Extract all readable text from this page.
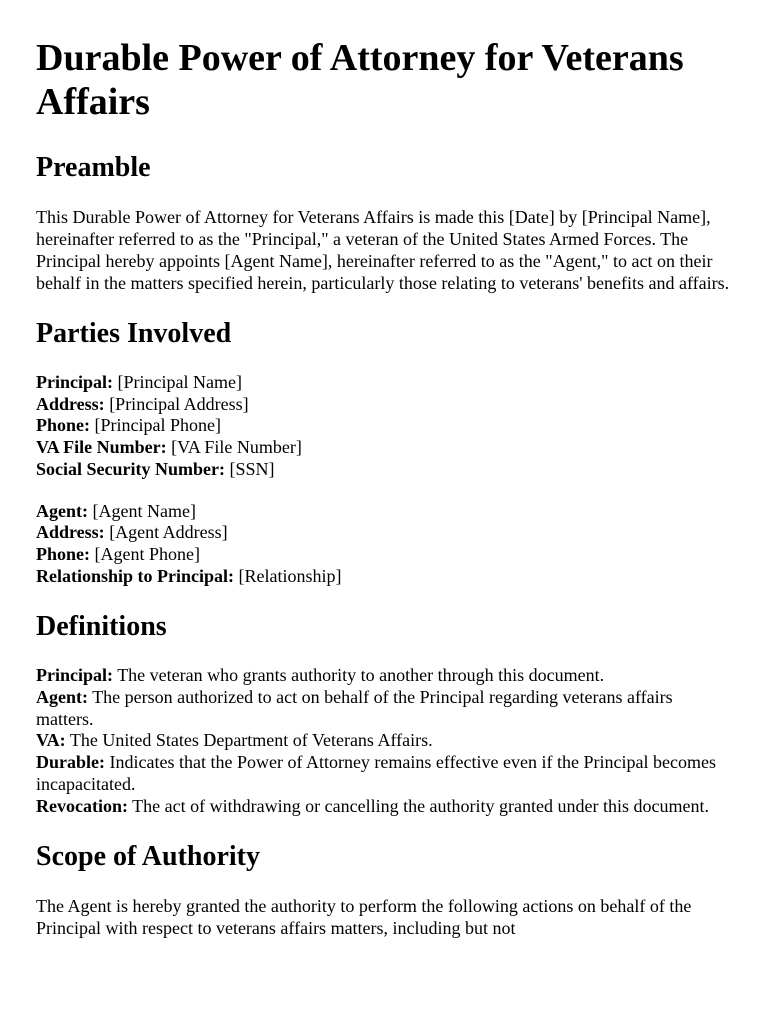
Durable Power of Attorney for Veterans Affairs
Preamble

This Durable Power of Attorney for Veterans Affairs is made this [Date] by [Principal Name], hereinafter referred to as the "Principal," a veteran of the United States Armed Forces. The Principal hereby appoints [Agent Name], hereinafter referred to as the "Agent," to act on their behalf in the matters specified herein, particularly those relating to veterans' benefits and affairs.

Parties Involved
Principal: [Principal Name]
Address: [Principal Address]
Phone: [Principal Phone]
VA File Number: [VA File Number]
Social Security Number: [SSN]
Agent: [Agent Name]
Address: [Agent Address]
Phone: [Agent Phone]
Relationship to Principal: [Relationship]
Definitions
Principal: The veteran who grants authority to another through this document.
Agent: The person authorized to act on behalf of the Principal regarding veterans affairs matters.
VA: The United States Department of Veterans Affairs.
Durable: Indicates that the Power of Attorney remains effective even if the Principal becomes incapacitated.
Revocation: The act of withdrawing or cancelling the authority granted under this document.
Scope of Authority

The Agent is hereby granted the authority to perform the following actions on behalf of the Principal with respect to veterans affairs matters, including but not
